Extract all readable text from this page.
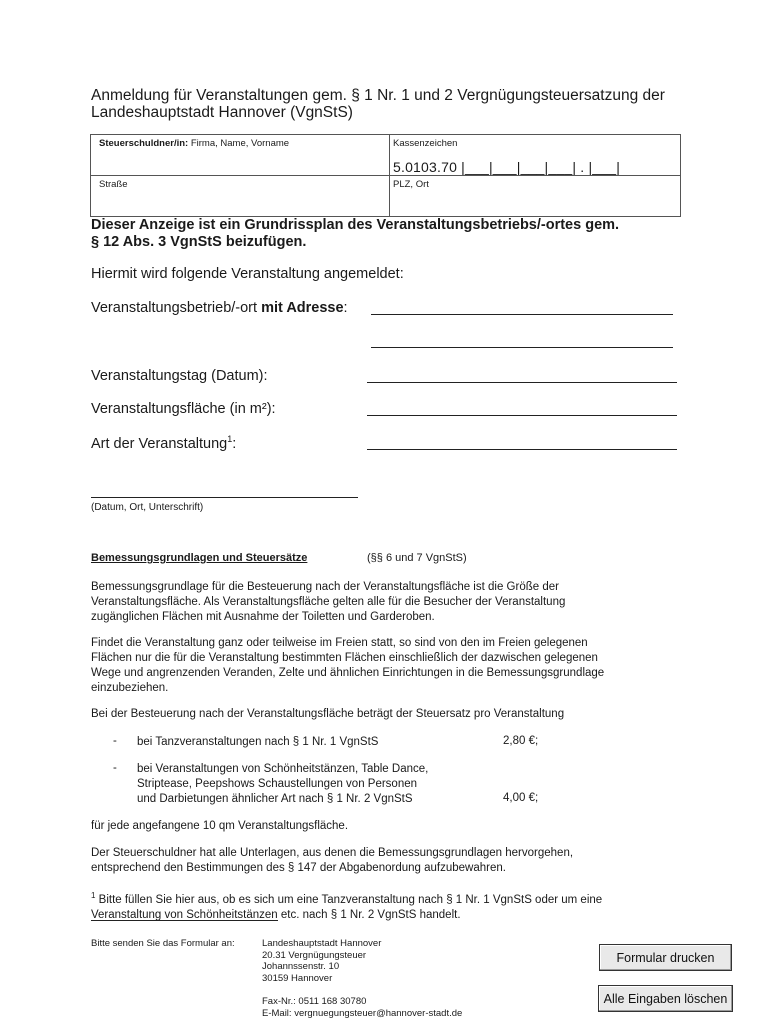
Anmeldung für Veranstaltungen gem. § 1 Nr. 1 und 2 Vergnügungsteuersatzung der
Landeshauptstadt Hannover (VgnStS)
Steuerschuldner/in: Firma, Name, Vorname	Kassenzeichen
5.0103.70 |___|___|___|___| . |___|
Straße	PLZ, Ort
Dieser Anzeige ist ein Grundrissplan des Veranstaltungsbetriebs/-ortes gem.
§ 12 Abs. 3 VgnStS beizufügen.
Hiermit wird folgende Veranstaltung angemeldet:
Veranstaltungsbetrieb/-ort mit Adresse:
Veranstaltungstag (Datum):
Veranstaltungsfläche (in m²):
Art der Veranstaltung$^1$:
(Datum, Ort, Unterschrift)
Bemessungsgrundlagen und Steuersätze	(§§ 6 und 7 VgnStS)
Bemessungsgrundlage für die Besteuerung nach der Veranstaltungsfläche ist die Größe der
Veranstaltungsfläche. Als Veranstaltungsfläche gelten alle für die Besucher der Veranstaltung
zugänglichen Flächen mit Ausnahme der Toiletten und Garderoben.
Findet die Veranstaltung ganz oder teilweise im Freien statt, so sind von den im Freien gelegenen
Flächen nur die für die Veranstaltung bestimmten Flächen einschließlich der dazwischen gelegenen
Wege und angrenzenden Veranden, Zelte und ähnlichen Einrichtungen in die Bemessungsgrundlage
einzubeziehen.
Bei der Besteuerung nach der Veranstaltungsfläche beträgt der Steuersatz pro Veranstaltung
- bei Tanzveranstaltungen nach § 1 Nr. 1 VgnStS	2,80 €;
- bei Veranstaltungen von Schönheitstänzen, Table Dance,
Striptease, Peepshows Schaustellungen von Personen
und Darbietungen ähnlicher Art nach § 1 Nr. 2 VgnStS	4,00 €;
für jede angefangene 10 qm Veranstaltungsfläche.
Der Steuerschuldner hat alle Unterlagen, aus denen die Bemessungsgrundlagen hervorgehen,
entsprechend den Bestimmungen des § 147 der Abgabenordung aufzubewahren.
$^1$ Bitte füllen Sie hier aus, ob es sich um eine Tanzveranstaltung nach § 1 Nr. 1 VgnStS oder um eine
Veranstaltung von Schönheitstänzen etc. nach § 1 Nr. 2 VgnStS handelt.
Bitte senden Sie das Formular an:	Landeshauptstadt Hannover
20.31 Vergnügungsteuer
Johannssenstr. 10
30159 Hannover
Fax-Nr.: 0511 168 30780
E-Mail: vergnuegungsteuer@hannover-stadt.de
Formular drucken
Alle Eingaben löschen
